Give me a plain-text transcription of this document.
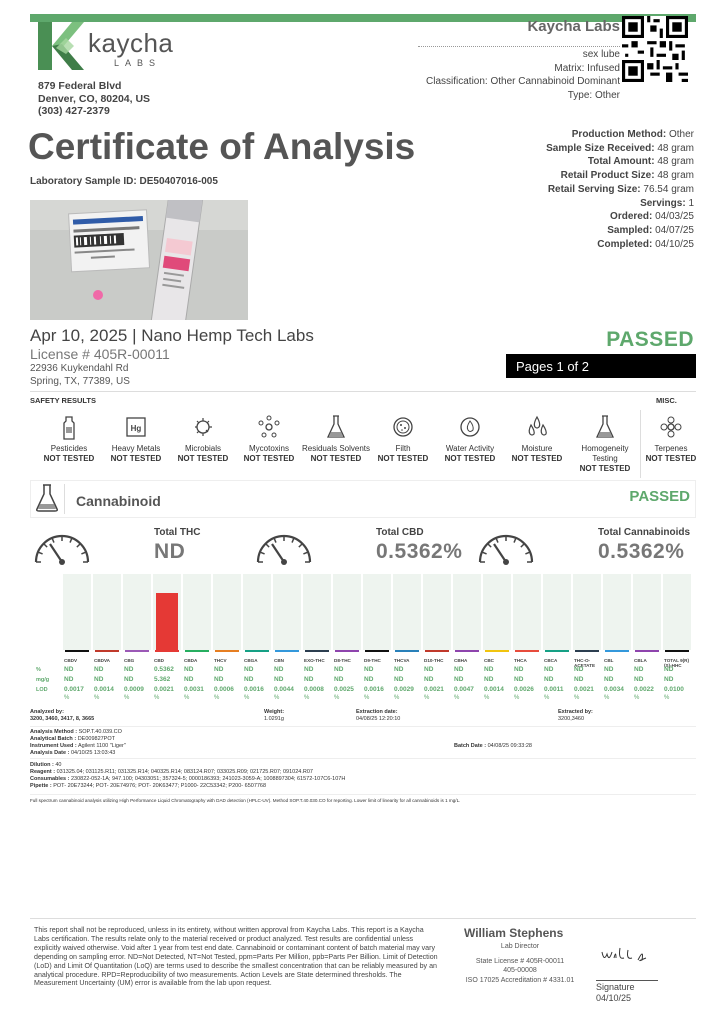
kaycha
LABS
879 Federal Blvd
Denver, CO, 80204, US
(303) 427-2379
Kaycha Labs
sex lube
Matrix: Infused
Classification: Other Cannabinoid Dominant
Type: Other
Certificate of Analysis
Laboratory Sample ID: DE50407016-005
Production Method: Other
Sample Size Received: 48 gram
Total Amount: 48 gram
Retail Product Size: 48 gram
Retail Serving Size: 76.54 gram
Servings: 1
Ordered: 04/03/25
Sampled: 04/07/25
Completed: 04/10/25
Apr 10, 2025 | Nano Hemp Tech Labs
License # 405R-00011
22936 Kuykendahl Rd
Spring, TX, 77389, US
PASSED
Pages 1 of 2
SAFETY RESULTS	MISC.
Pesticides
NOT TESTED
Hg
Heavy Metals
NOT TESTED
Microbials
NOT TESTED
Mycotoxins
NOT TESTED
Residuals Solvents
NOT TESTED
Filth
NOT TESTED
Water Activity
NOT TESTED
Moisture
NOT TESTED
Homogeneity Testing
NOT TESTED
Terpenes
NOT TESTED
Cannabinoid	PASSED
Total THC
ND
Total CBD
0.5362%
Total Cannabinoids
0.5362%
%
mg/g
LOD
CBDV
ND
ND
0.0017
%
CBDVA
ND
ND
0.0014
%
CBG
ND
ND
0.0009
%
CBD
0.5362
5.362
0.0021
%
CBDA
ND
ND
0.0031
%
THCV
ND
ND
0.0006
%
CBGA
ND
ND
0.0016
%
CBN
ND
ND
0.0044
%
EXO-THC
ND
ND
0.0008
%
D8-THC
ND
ND
0.0025
%
D9-THC
ND
ND
0.0016
%
THCVA
ND
ND
0.0029
%
D10-THC
ND
ND
0.0021
%
CBHA
ND
ND
0.0047
%
CBC
ND
ND
0.0014
%
THCA
ND
ND
0.0026
%
CBCA
ND
ND
0.0011
%
THC-O-ACETATE
ND
ND
0.0021
%
CBL
ND
ND
0.0034
%
CBLA
ND
ND
0.0022
%
TOTAL 9(R)(S)-HHC
ND
ND
0.0100
%
Analyzed by:
3200, 3460, 3417, 8, 3665
Weight:
1.0291g
Extraction date:
04/08/25 12:20:10
Extracted by:
3200,3460
Analysis Method : SOP.T.40.039.CO
Analytical Batch : DE009827POT
Instrument Used : Agilent 1100 "Liger"
Analysis Date : 04/10/25 13:03:43
Batch Date : 04/08/25 09:33:28
Dilution : 40
Reagent : 031325.04; 031125.R11; 031325.R14; 040325.R14; 083124.R07; 033025.R09; 021725.R07; 091024.R07
Consumables : 230822-052-1A; 947.100; 04303051; 357324-5; 0000186393; 241023-3059-A; 1008897304; 61572-107C6-107H
Pipette : POT- 20E73244; POT- 20E74976; POT- 20K63477; P1000- 22C53342; P200- 6507768
Full spectrum cannabinoid analysis utilizing High Performance Liquid Chromatography with DAD detection (HPLC-UV). Method SOP.T.40.030.CO for reporting. Lower limit of linearity for all cannabinoids is 1 mg/L.
This report shall not be reproduced, unless in its entirety, without written approval from Kaycha Labs. This report is a Kaycha Labs certification. The results relate only to the material received or product analyzed. Test results are confidential unless explicitly waived otherwise. Void after 1 year from test end date. Cannabinoid or contaminant content of batch material may vary depending on sampling error. ND=Not Detected, NT=Not Tested, ppm=Parts Per Million, ppb=Parts Per Billion. Limit of Detection (LoD) and Limit Of Quantitation (LoQ) are terms used to describe the smallest concentration that can be reliably measured by an analytical procedure. RPD=Reproducibility of two measurements. Action Levels are State determined thresholds. The Measurement Uncertainty (UM) error is available from the lab upon request.
William Stephens
Lab Director
State License # 405R-00011
405-00008
ISO 17025 Accreditation # 4331.01
Signature
04/10/25
